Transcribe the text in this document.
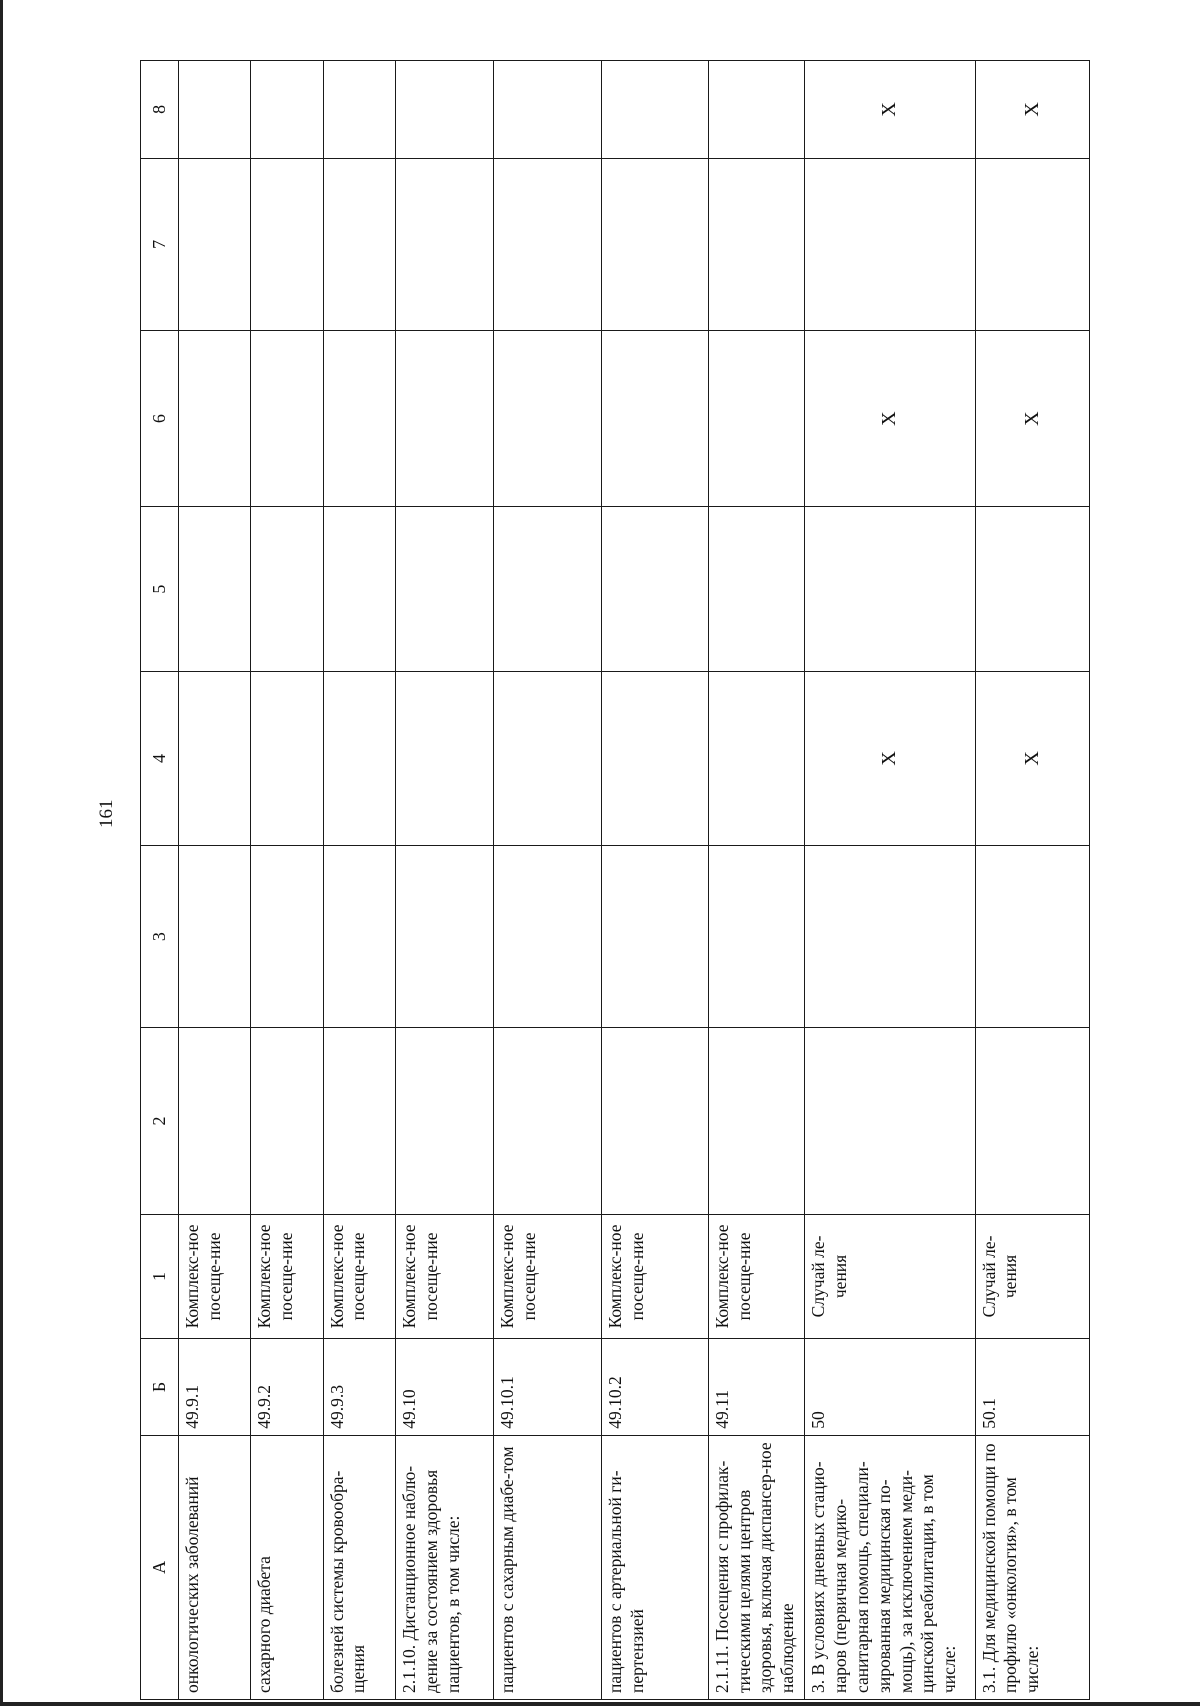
161
А	Б	1	2	3	4	5	6	7	8
онкологических заболеваний	49.9.1	Комплекс-ное посеще-ние							
сахарного диабета	49.9.2	Комплекс-ное посеще-ние							
болезней системы кровообра-щения	49.9.3	Комплекс-ное посеще-ние							
2.1.10. Дистанционное наблю-дение за состоянием здоровья пациентов, в том числе:	49.10	Комплекс-ное посеще-ние							
пациентов с сахарным диабе-том	49.10.1	Комплекс-ное посеще-ние							
пациентов с артериальной ги-пертензией	49.10.2	Комплекс-ное посеще-ние							
2.1.11. Посещения с профилак-тическими целями центров здоровья, включая диспансер-ное наблюдение	49.11	Комплекс-ное посеще-ние							
3. В условиях дневных стацио-наров (первичная медико-санитарная помощь, специали-зированная медицинская по-мощь), за исключением меди-цинской реабилитации, в том числе:	50	Случай ле-чения			Х		Х		Х
3.1. Для медицинской помощи по профилю «онкология», в том числе:	50.1	Случай ле-чения			Х		Х		Х
